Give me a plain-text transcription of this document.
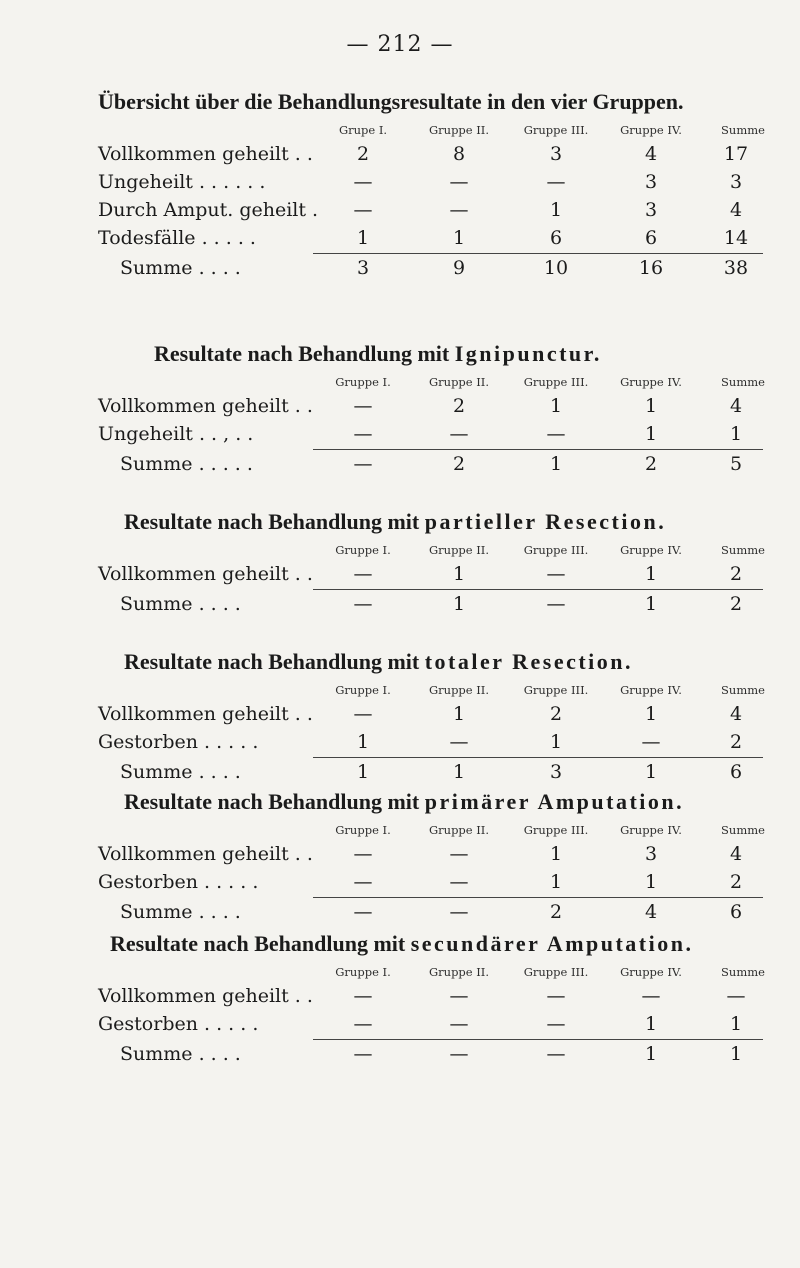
— 212 —
Übersicht über die Behandlungsresultate in den vier Gruppen.
Grupe I.	Gruppe II.	Gruppe III.	Gruppe IV.	Summe
Vollkommen geheilt . .	2	8	3	4	17
Ungeheilt . . . . . .	—	—	—	3	3
Durch Amput. geheilt .	—	—	1	3	4
Todesfälle . . . . .	1	1	6	6	14
Summe . . . .	3	9	10	16	38
Resultate nach Behandlung mit Ignipunctur.
Gruppe I.	Gruppe II.	Gruppe III.	Gruppe IV.	Summe
Vollkommen geheilt . .	—	2	1	1	4
Ungeheilt . . , . .	—	—	—	1	1
Summe . . . . .	—	2	1	2	5
Resultate nach Behandlung mit partieller Resection.
Gruppe I.	Gruppe II.	Gruppe III.	Gruppe IV.	Summe
Vollkommen geheilt . .	—	1	—	1	2
Summe . . . .	—	1	—	1	2
Resultate nach Behandlung mit totaler Resection.
Gruppe I.	Gruppe II.	Gruppe III.	Gruppe IV.	Summe
Vollkommen geheilt . .	—	1	2	1	4
Gestorben . . . . .	1	—	1	—	2
Summe . . . .	1	1	3	1	6
Resultate nach Behandlung mit primärer Amputation.
Gruppe I.	Gruppe II.	Gruppe III.	Gruppe IV.	Summe
Vollkommen geheilt . .	—	—	1	3	4
Gestorben . . . . .	—	—	1	1	2
Summe . . . .	—	—	2	4	6
Resultate nach Behandlung mit secundärer Amputation.
Gruppe I.	Gruppe II.	Gruppe III.	Gruppe IV.	Summe
Vollkommen geheilt . .	—	—	—	—	—
Gestorben . . . . .	—	—	—	1	1
Summe . . . .	—	—	—	1	1
